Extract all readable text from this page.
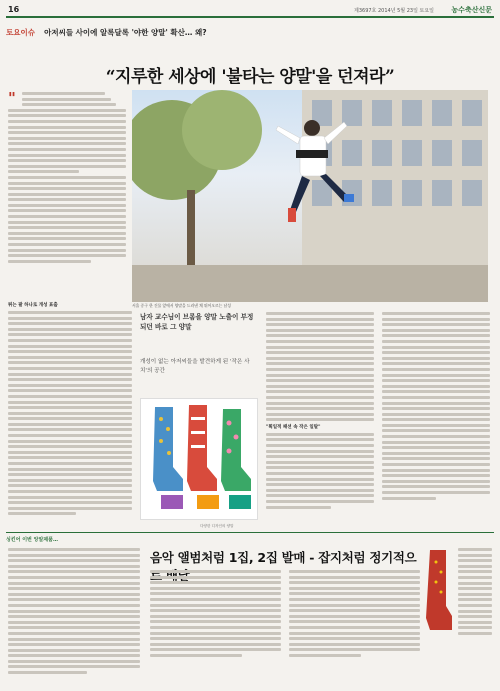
16	제3697호 2014년 5월 23일 토요일 농수축산신문
토요이슈 아저씨들 사이에 알록달록 '야한 양말' 확산… 왜?
“지루한 세상에 '불타는 양말'을 던져라”
"
튀는 팔 하나로 개성 표출	서울 중구 한 건물 앞에서 양말을 드러낸 채 뛰어오르는 남성
남자 교수님이 브롬을 양말 노출이 부정되던 바로 그 양말
개성이 없는 아저씨들을 발견하게 된 '작은 사치'의 공간
다양한 디자인의 양말
"획일적 패션 속 작은 일탈"
싱킨어 이번 앙알제품…
음악 앨범처럼 1집, 2집 발매 - 잡지처럼 정기적으
